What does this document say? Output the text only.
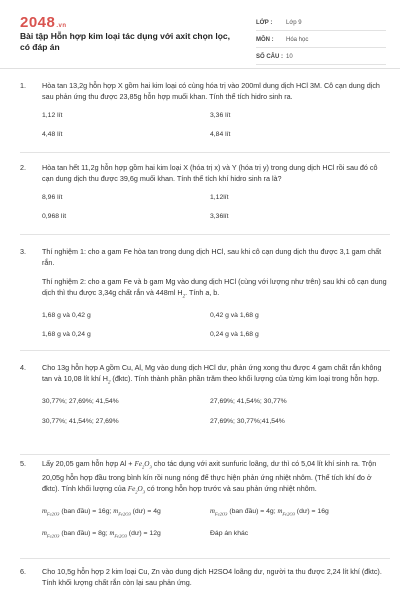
2048.vn
Bài tập Hỗn hợp kim loại tác dụng với axit chọn lọc, có đáp án
LỚP :	Lớp 9
MÔN :	Hóa học
SỐ CÂU : 10
1. Hòa tan 13,2g hỗn hợp X gồm hai kim loại có cùng hóa trị vào 200ml dung dịch HCl 3M. Cô cạn dung dịch sau phản ứng thu được 23,85g hỗn hợp muối khan. Tính thể tích hidro sinh ra.

1,12 lít	3,36 lít
4,48 lít	4,84 lít
2. Hòa tan hết 11,2g hỗn hợp gồm hai kim loại X (hóa trị x) và Y (hóa trị y) trong dung dịch HCl rồi sau đó cô cạn dung dịch thu được 39,6g muối khan. Tính thể tích khí hidro sinh ra là?

8,96 lít	1,12lít
0,968 lít	3,36lít
3. Thí nghiệm 1: cho a gam Fe hòa tan trong dung dịch HCl, sau khi cô cạn dung dịch thu được 3,1 gam chất rắn.

Thí nghiệm 2: cho a gam Fe và b gam Mg vào dung dịch HCl (cùng với lượng như trên) sau khi cô cạn dung dịch thì thu được 3,34g chất rắn và 448ml $H_2$. Tính a, b.

1,68 g và 0,42 g	0,42 g và 1,68 g
1,68 g và 0,24 g	0,24 g và 1,68 g
4. Cho 13g hỗn hợp A gồm Cu, Al, Mg vào dung dịch HCl dư, phản ứng xong thu được 4 gam chất rắn không tan và 10,08 lít khí $H_2$ (đktc). Tính thành phần phần trăm theo khối lượng của từng kim loại trong hỗn hợp.

30,77%; 27,69%; 41,54%	27,69%; 41,54%; 30,77%
30,77%; 41,54%; 27,69%	27,69%; 30,77%;41,54%
5. Lấy 20,05 gam hỗn hợp $Al + Fe_2O_3$ cho tác dụng với axit sunfuric loãng, dư thì có 5,04 lít khí sinh ra. Trộn 20,05g hỗn hợp đầu trong bình kín rồi nung nóng để thực hiện phản ứng nhiệt nhôm. (Thể tích khí đo ở đktc). Tính khối lượng của $Fe_2O_3$ có trong hỗn hợp trước và sau phản ứng nhiệt nhôm.

$m_{Fe2O3}$ (ban đầu) = 16g; $m_{Fe2O3}$ (dư) = 4g	$m_{Fe2O3}$ (ban đầu) = 4g; $m_{Fe2O3}$ (dư) = 16g
$m_{Fe2O3}$ (ban đầu) = 8g; $m_{Fe2O3}$ (dư) = 12g	Đáp án khác
6. Cho 10,5g hỗn hợp 2 kim loại Cu, Zn vào dung dịch H2SO4 loãng dư, người ta thu được 2,24 lít khí (đktc). Tính khối lượng chất rắn còn lại sau phản ứng.
